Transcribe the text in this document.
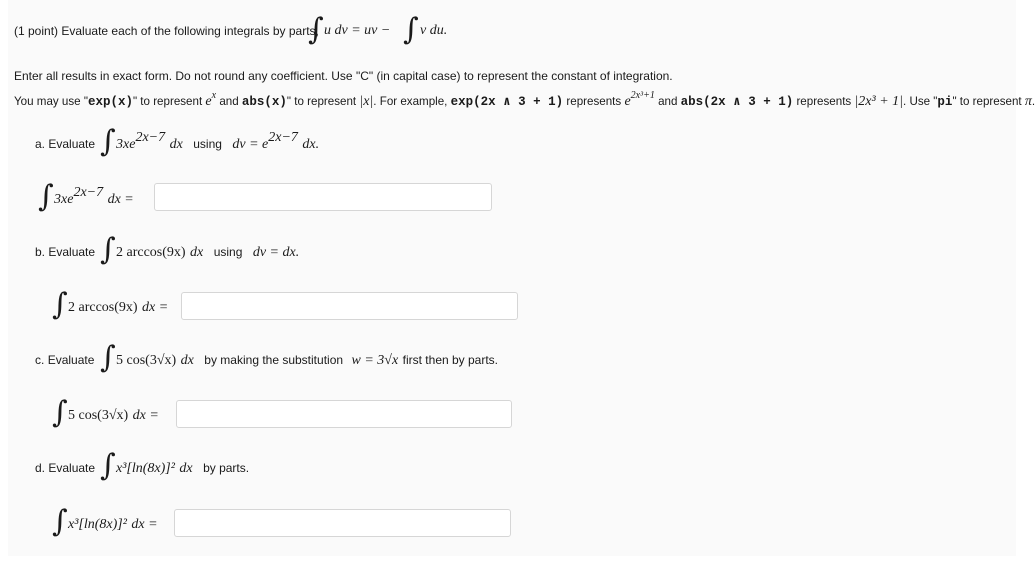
(1 point) Evaluate each of the following integrals by parts,
∫ u dv = uv − ∫ v du.
Enter all results in exact form. Do not round any coefficient. Use "C" (in capital case) to represent the constant of integration.
You may use "exp(x)" to represent $e^x$ and abs(x)" to represent |x|. For example, exp(2x ∧ 3 + 1) represents $e^{2x^3+1}$ and abs(2x ∧ 3 + 1) represents |2x³ + 1|. Use "pi" to represent π.
a. Evaluate ∫ $3xe^{2x-7}$ dx using dv = $e^{2x-7}$ dx.
∫ $3xe^{2x-7}$ dx =
b. Evaluate ∫ 2 arccos(9x) dx using dv = dx.
∫ 2 arccos(9x) dx =
c. Evaluate ∫ 5 cos(3√x) dx by making the substitution w = 3√x first then by parts.
∫ 5 cos(3√x) dx =
d. Evaluate ∫ x³[ln(8x)]² dx by parts.
∫ x³[ln(8x)]² dx =
